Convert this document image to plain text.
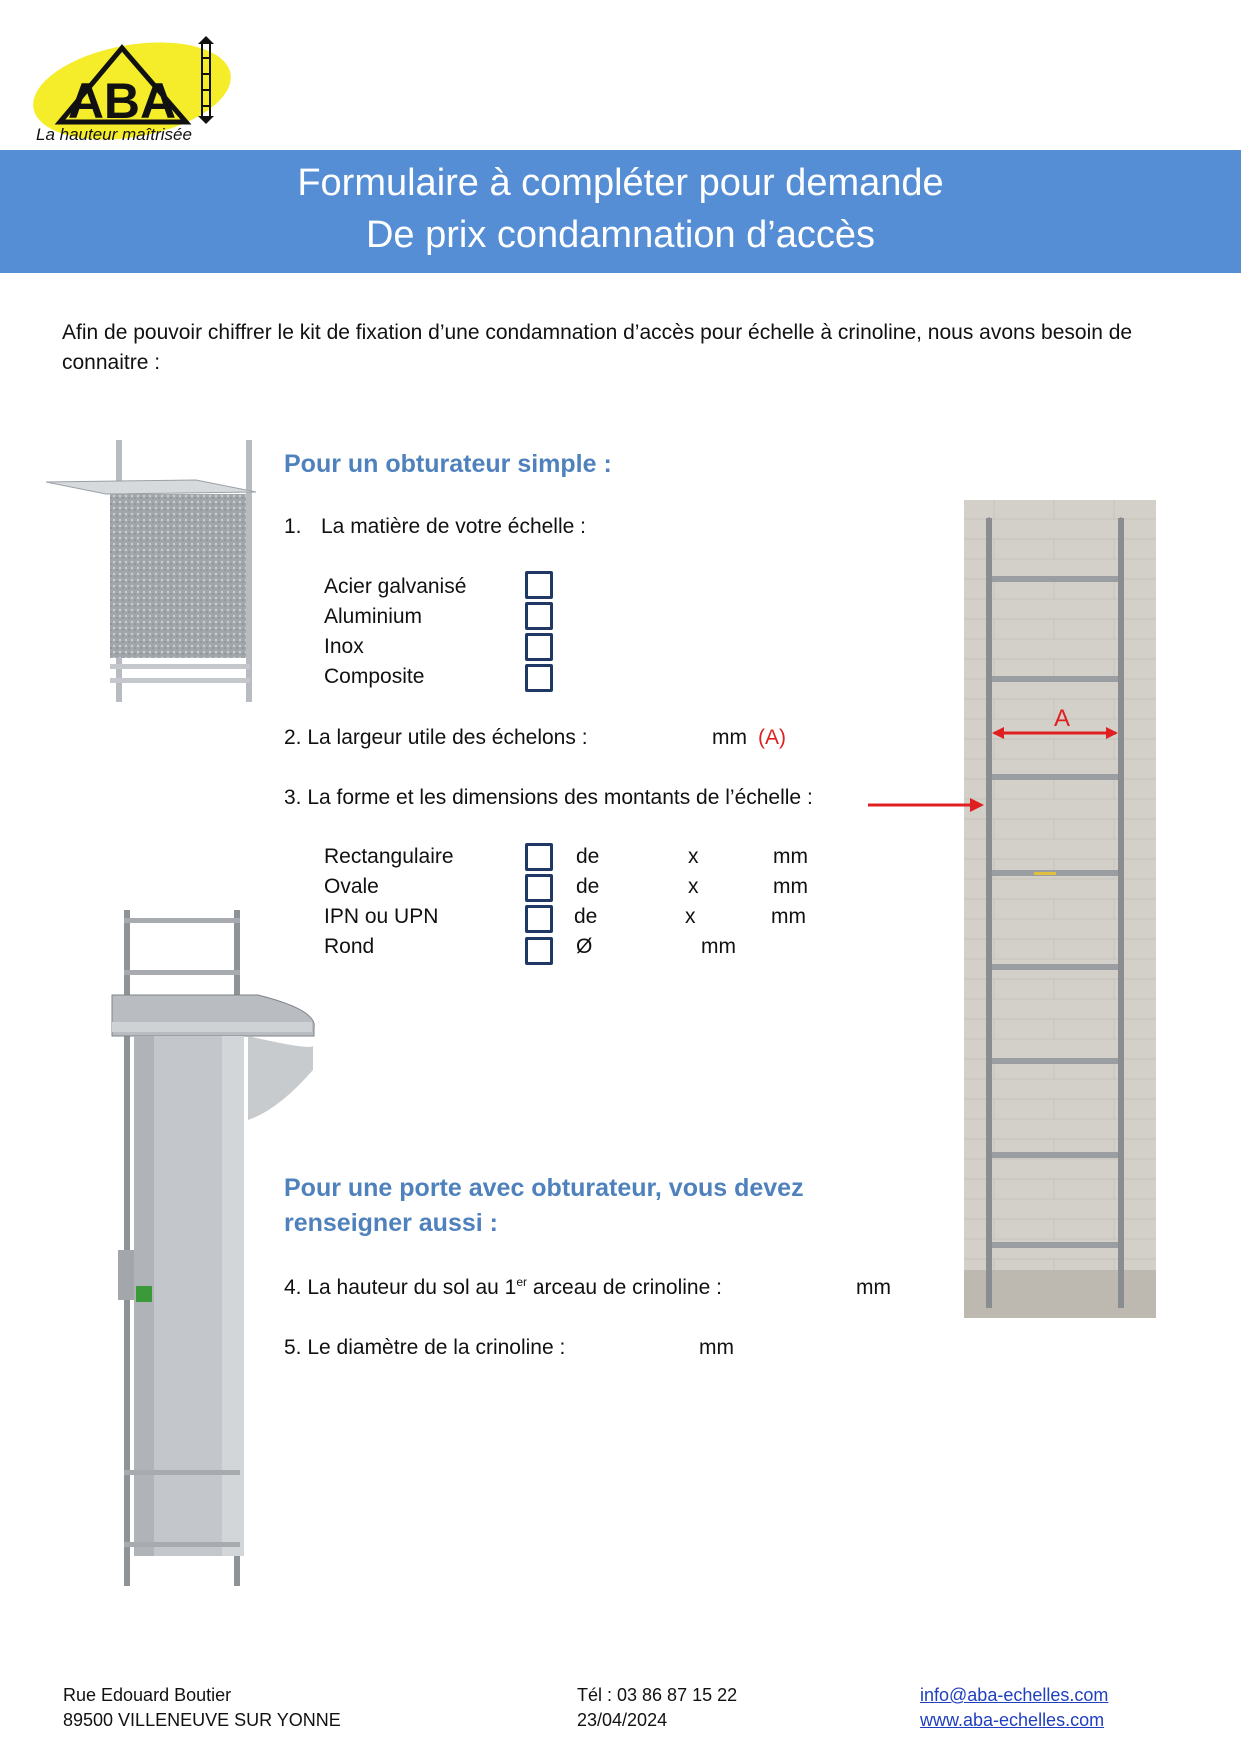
ABA
La hauteur maîtrisée
Formulaire à compléter pour demande
De prix condamnation d’accès
Afin de pouvoir chiffrer le kit de fixation d’une condamnation d’accès pour échelle à crinoline, nous avons besoin de connaitre :
A
Pour un obturateur simple :
1. La matière de votre échelle :
Acier galvanisé
Aluminium
Inox
Composite
2. La largeur utile des échelons :	mm (A)
3. La forme et les dimensions des montants de l’échelle :
Rectangulaire	de	x	mm
Ovale	de	x	mm
IPN ou UPN	de	x	mm
Rond	Ø	mm
Pour une porte avec obturateur, vous devez
renseigner aussi :
4. La hauteur du sol au 1er arceau de crinoline :	mm
5. Le diamètre de la crinoline :	mm
Rue Edouard Boutier
89500 VILLENEUVE SUR YONNE
Tél : 03 86 87 15 22
23/04/2024
info@aba-echelles.com
www.aba-echelles.com
